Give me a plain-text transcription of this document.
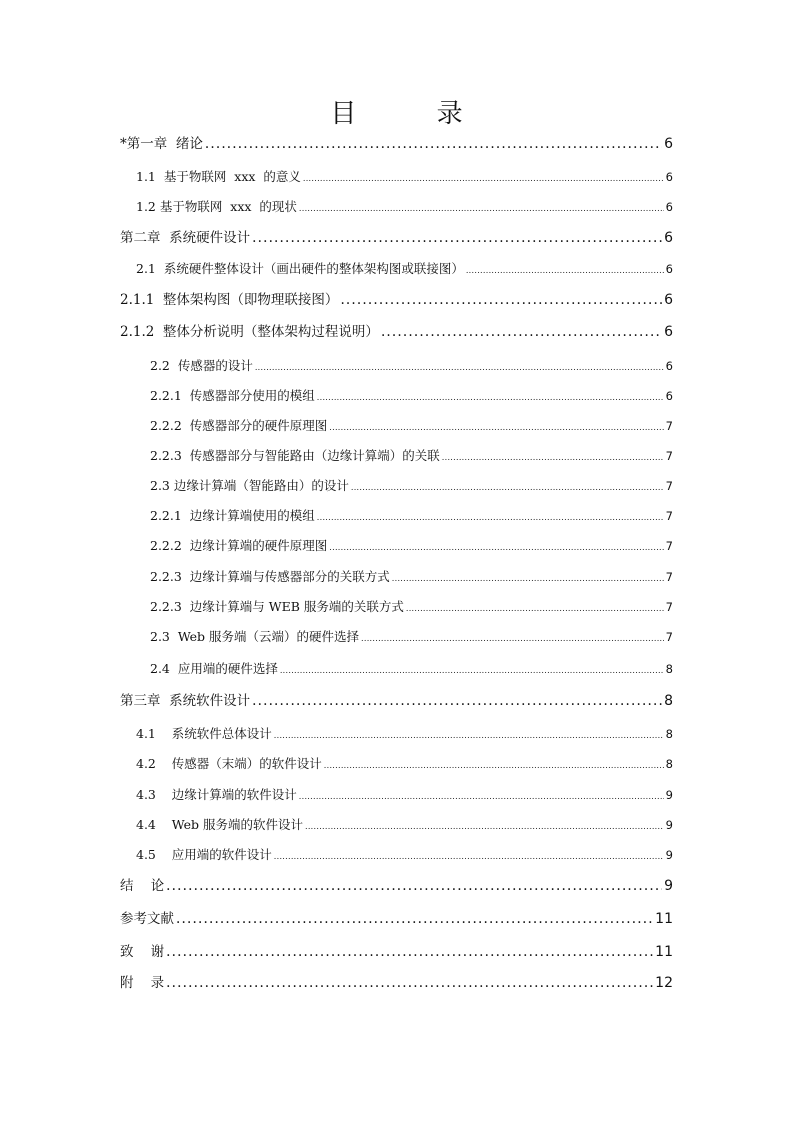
目 录
*第一章  绪论 .....	6
1.1  基于物联网  xxx  的意义 .....	6
1.2 基于物联网  xxx  的现状 .....	6
第二章  系统硬件设计 .....	6
2.1  系统硬件整体设计（画出硬件的整体架构图或联接图） .....	6
2.1.1  整体架构图（即物理联接图） .....	6
2.1.2  整体分析说明（整体架构过程说明） .....	6
2.2  传感器的设计 .....	6
2.2.1  传感器部分使用的模组 .....	6
2.2.2  传感器部分的硬件原理图 .....	7
2.2.3  传感器部分与智能路由（边缘计算端）的关联 .....	7
2.3 边缘计算端（智能路由）的设计 .....	7
2.2.1  边缘计算端使用的模组 .....	7
2.2.2  边缘计算端的硬件原理图 .....	7
2.2.3  边缘计算端与传感器部分的关联方式 .....	7
2.2.3  边缘计算端与 WEB 服务端的关联方式 .....	7
2.3  Web 服务端（云端）的硬件选择 .....	7
2.4  应用端的硬件选择 .....	8
第三章  系统软件设计 .....	8
4.1    系统软件总体设计 .....	8
4.2    传感器（末端）的软件设计 .....	8
4.3    边缘计算端的软件设计 .....	9
4.4    Web 服务端的软件设计 .....	9
4.5    应用端的软件设计 .....	9
结    论 .....	9
参考文献 .....	11
致    谢 .....	11
附    录 .....	12
